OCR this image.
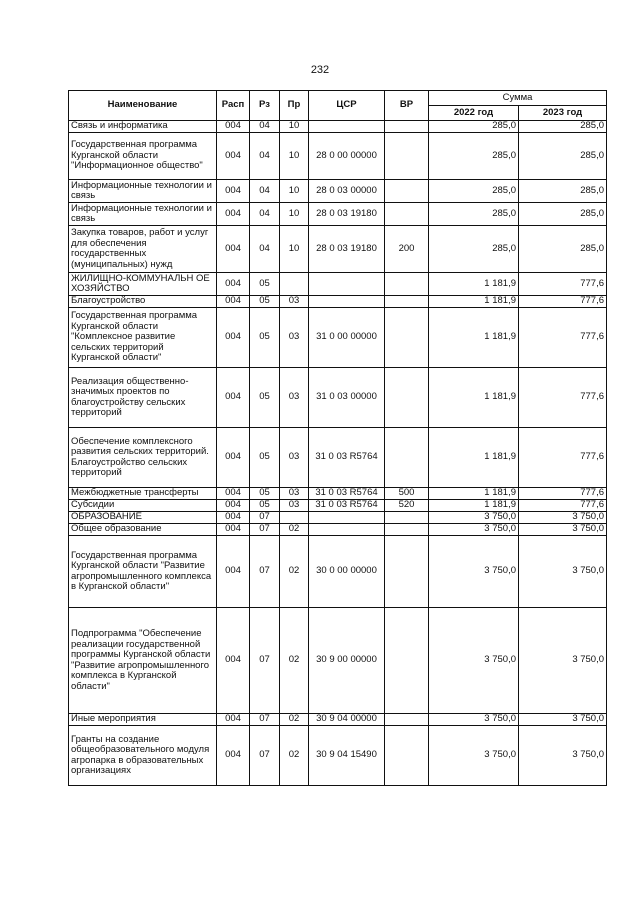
232
Наименование	Расп	Рз	Пр	ЦСР	ВР	Сумма	
						2022 год	2023 год
Связь и информатика	004	04	10			285,0	285,0
Государственная программа Курганской области "Информационное общество"	004	04	10	28 0 00 00000		285,0	285,0
Информационные технологии и связь	004	04	10	28 0 03 00000		285,0	285,0
Информационные технологии и связь	004	04	10	28 0 03 19180		285,0	285,0
Закупка товаров, работ и услуг для обеспечения государственных (муниципальных) нужд	004	04	10	28 0 03 19180	200	285,0	285,0
ЖИЛИЩНО-КОММУНАЛЬН ОЕ ХОЗЯЙСТВО	004	05				1 181,9	777,6
Благоустройство	004	05	03			1 181,9	777,6
Государственная программа Курганской области "Комплексное развитие сельских территорий Курганской области"	004	05	03	31 0 00 00000		1 181,9	777,6
Реализация общественно-значимых проектов по благоустройству сельских территорий	004	05	03	31 0 03 00000		1 181,9	777,6
Обеспечение комплексного развития сельских территорий. Благоустройство сельских территорий	004	05	03	31 0 03 R5764		1 181,9	777,6
Межбюджетные трансферты	004	05	03	31 0 03 R5764	500	1 181,9	777,6
Субсидии	004	05	03	31 0 03 R5764	520	1 181,9	777,6
ОБРАЗОВАНИЕ	004	07				3 750,0	3 750,0
Общее образование	004	07	02			3 750,0	3 750,0
Государственная программа Курганской области "Развитие агропромышленного комплекса в Курганской области"	004	07	02	30 0 00 00000		3 750,0	3 750,0
Подпрограмма "Обеспечение реализации государственной программы Курганской области "Развитие агропромышленного комплекса в Курганской области"	004	07	02	30 9 00 00000		3 750,0	3 750,0
Иные мероприятия	004	07	02	30 9 04 00000		3 750,0	3 750,0
Гранты на создание общеобразовательного модуля агропарка в образовательных организациях	004	07	02	30 9 04 15490		3 750,0	3 750,0
